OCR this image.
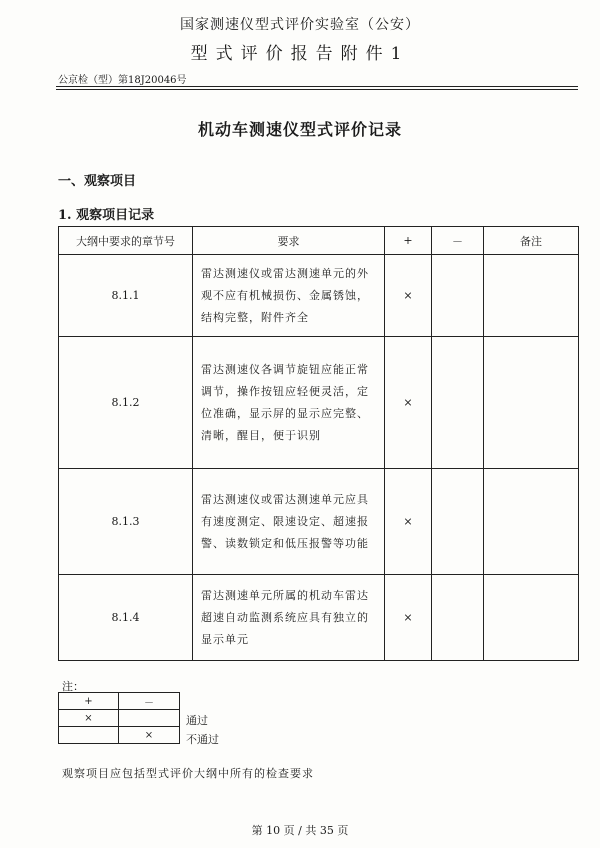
国家测速仪型式评价实验室（公安）
型式评价报告附件1
公京检（型）第18J20046号
机动车测速仪型式评价记录
一、观察项目
1. 观察项目记录
大纲中要求的章节号	要求	+	－	备注
8.1.1	雷达测速仪或雷达测速单元的外观不应有机械损伤、金属锈蚀，结构完整，附件齐全	×		
8.1.2	雷达测速仪各调节旋钮应能正常调节，操作按钮应轻便灵活，定位准确，显示屏的显示应完整、清晰，醒目，便于识别	×		
8.1.3	雷达测速仪或雷达测速单元应具有速度测定、限速设定、超速报警、读数锁定和低压报警等功能	×		
8.1.4	雷达测速单元所属的机动车雷达超速自动监测系统应具有独立的显示单元	×		
注：
+	－
×	
	×
通过
不通过
观察项目应包括型式评价大纲中所有的检查要求
第 10 页 / 共 35 页
